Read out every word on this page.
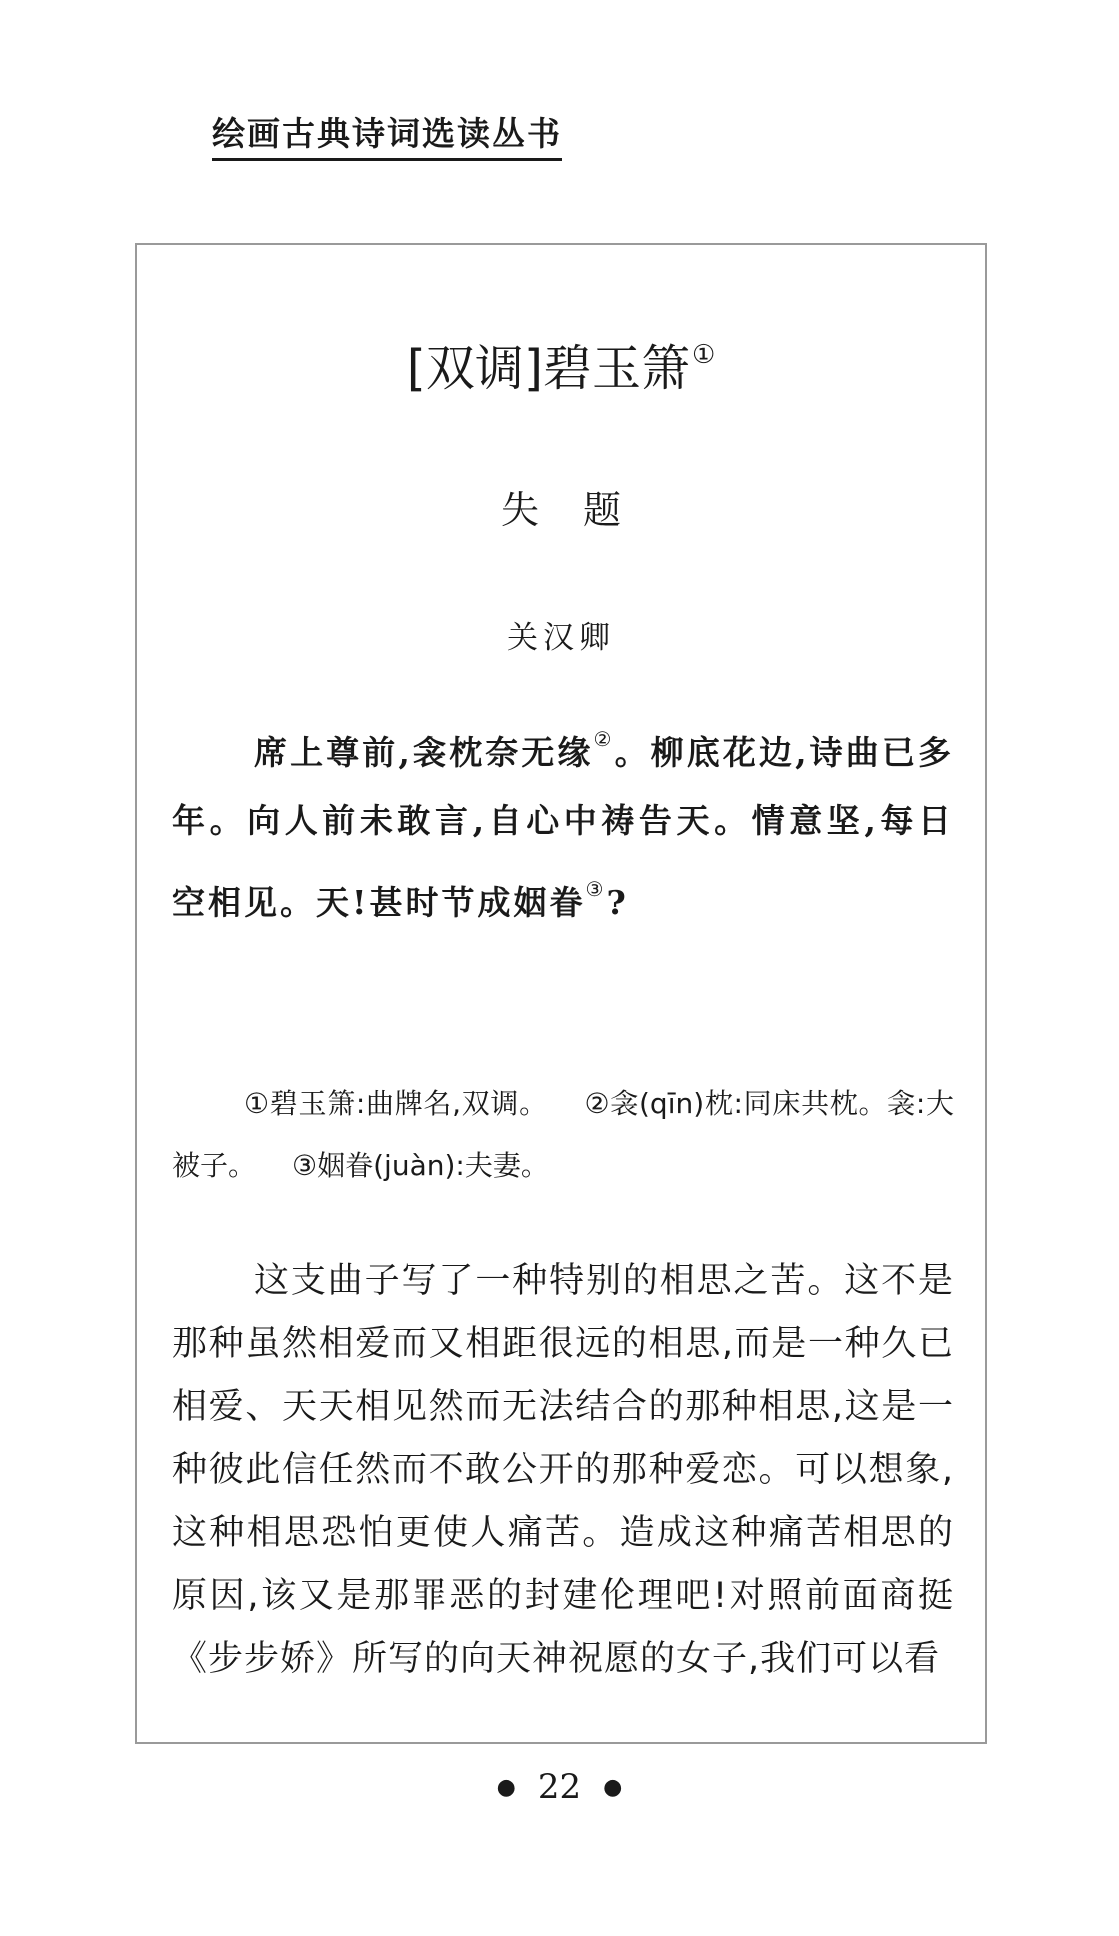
绘画古典诗词选读丛书
[双调]碧玉箫①
失题
关汉卿
席上尊前,衾枕奈无缘②。柳底花边,诗曲已多年。向人前未敢言,自心中祷告天。情意坚,每日空相见。天!甚时节成姻眷③?
①碧玉箫:曲牌名,双调。 ②衾(qīn)枕:同床共枕。衾:大被子。 ③姻眷(juàn):夫妻。
这支曲子写了一种特别的相思之苦。这不是那种虽然相爱而又相距很远的相思,而是一种久已相爱、天天相见然而无法结合的那种相思,这是一种彼此信任然而不敢公开的那种爱恋。可以想象,这种相思恐怕更使人痛苦。造成这种痛苦相思的原因,该又是那罪恶的封建伦理吧!对照前面商挺《步步娇》所写的向天神祝愿的女子,我们可以看
● 22 ●
